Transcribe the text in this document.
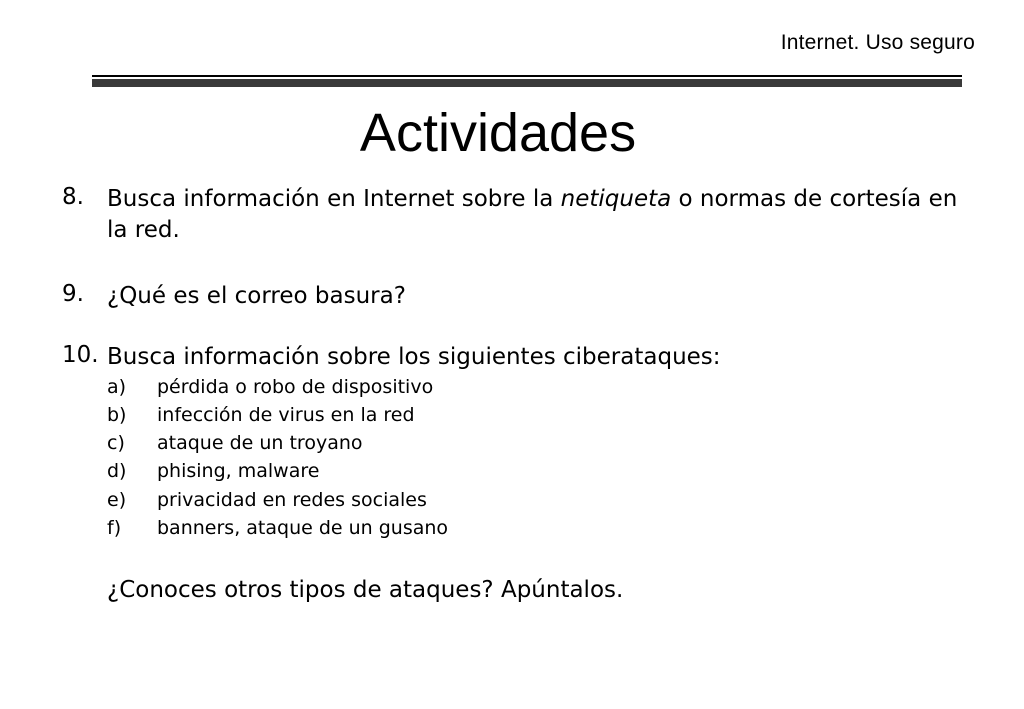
Internet. Uso seguro
Actividades
8. Busca información en Internet sobre la netiqueta o normas de cortesía en la red.
9. ¿Qué es el correo basura?
10. Busca información sobre los siguientes ciberataques:
a) pérdida o robo de dispositivo
b) infección de virus en la red
c) ataque de un troyano
d) phising, malware
e) privacidad en redes sociales
f) banners, ataque de un gusano
¿Conoces otros tipos de ataques? Apúntalos.
